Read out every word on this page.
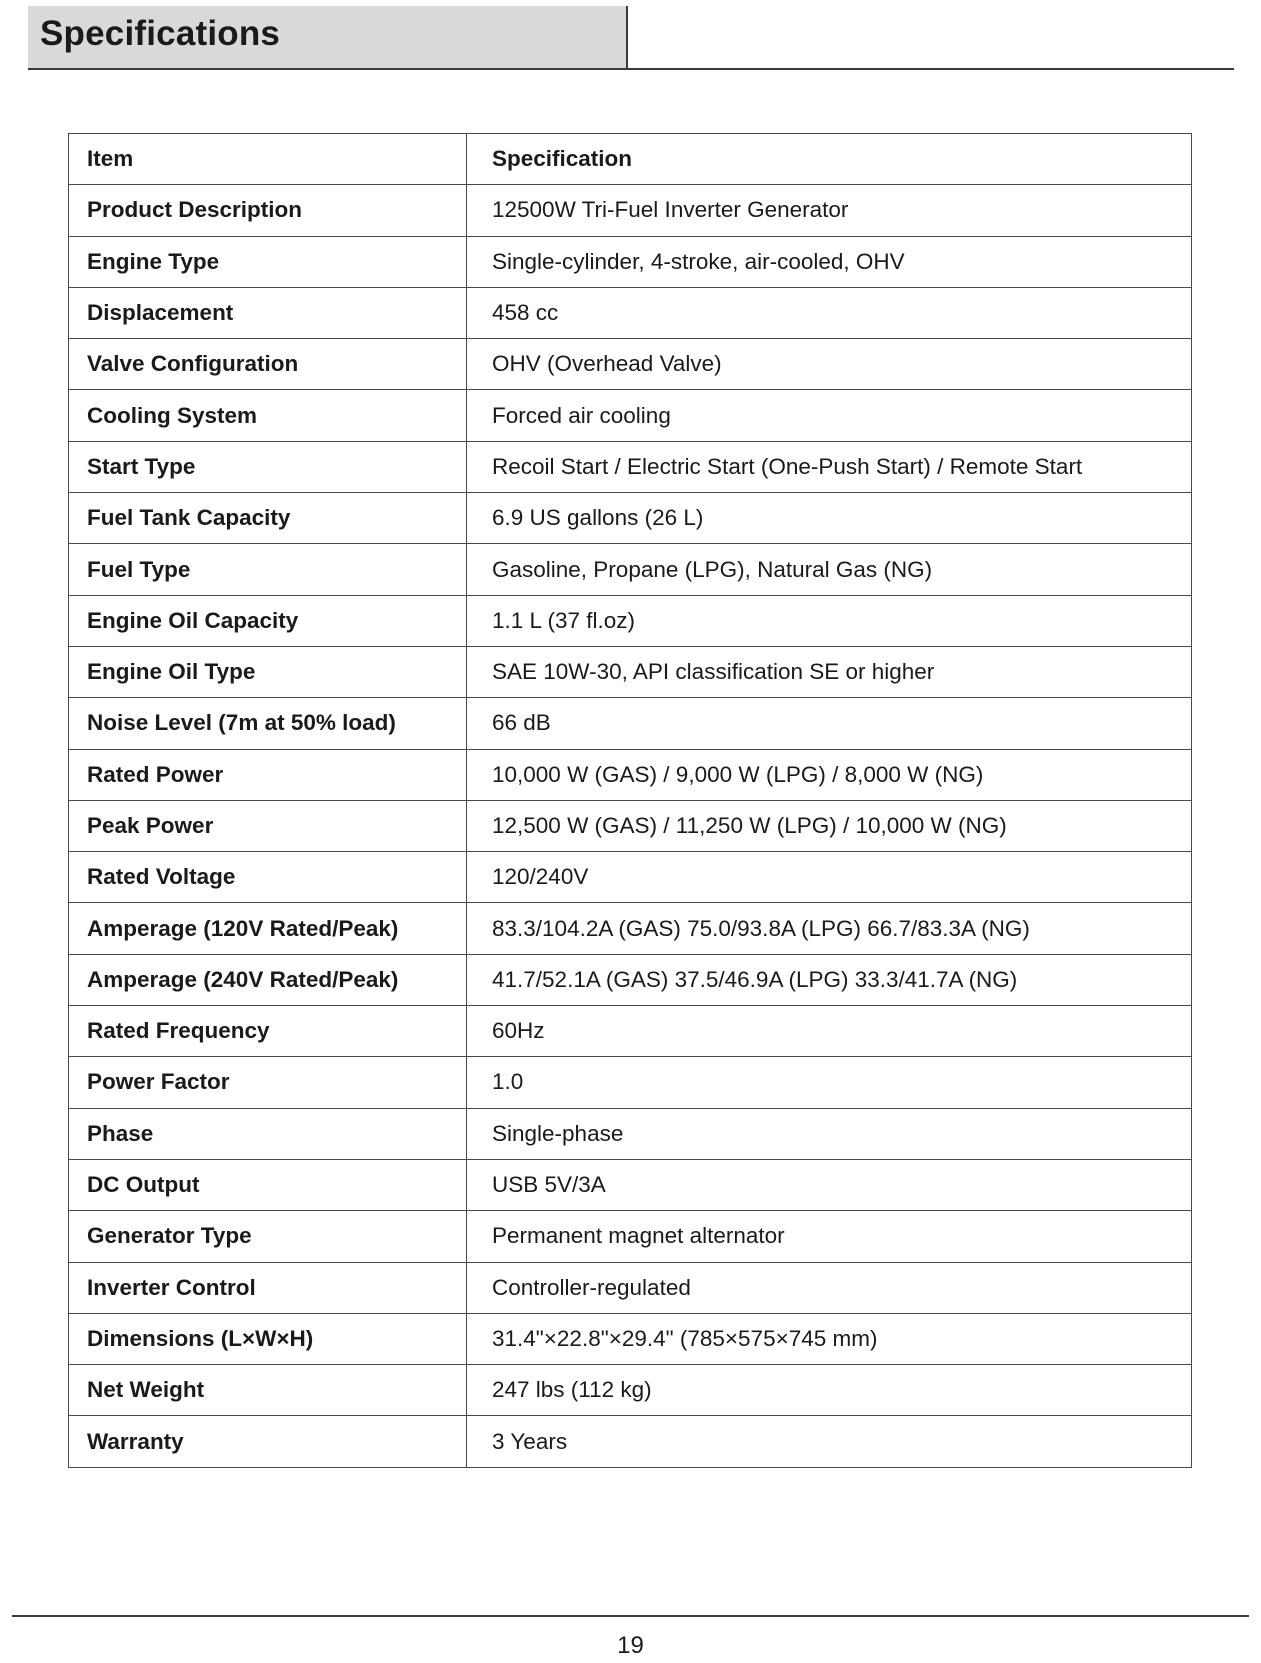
Specifications
Item	Specification
Product Description	12500W Tri-Fuel Inverter Generator
Engine Type	Single-cylinder, 4-stroke, air-cooled, OHV
Displacement	458 cc
Valve Configuration	OHV (Overhead Valve)
Cooling System	Forced air cooling
Start Type	Recoil Start / Electric Start (One-Push Start) / Remote Start
Fuel Tank Capacity	6.9 US gallons (26 L)
Fuel Type	Gasoline, Propane (LPG), Natural Gas (NG)
Engine Oil Capacity	1.1 L (37 fl.oz)
Engine Oil Type	SAE 10W-30, API classification SE or higher
Noise Level (7m at 50% load)	66 dB
Rated Power	10,000 W (GAS) / 9,000 W (LPG) / 8,000 W (NG)
Peak Power	12,500 W (GAS) / 11,250 W (LPG) / 10,000 W (NG)
Rated Voltage	120/240V
Amperage (120V Rated/Peak)	83.3/104.2A (GAS) 75.0/93.8A (LPG) 66.7/83.3A (NG)
Amperage (240V Rated/Peak)	41.7/52.1A (GAS) 37.5/46.9A (LPG) 33.3/41.7A (NG)
Rated Frequency	60Hz
Power Factor	1.0
Phase	Single-phase
DC Output	USB 5V/3A
Generator Type	Permanent magnet alternator
Inverter Control	Controller-regulated
Dimensions (L×W×H)	31.4"×22.8"×29.4" (785×575×745 mm)
Net Weight	247 lbs (112 kg)
Warranty	3 Years
19
